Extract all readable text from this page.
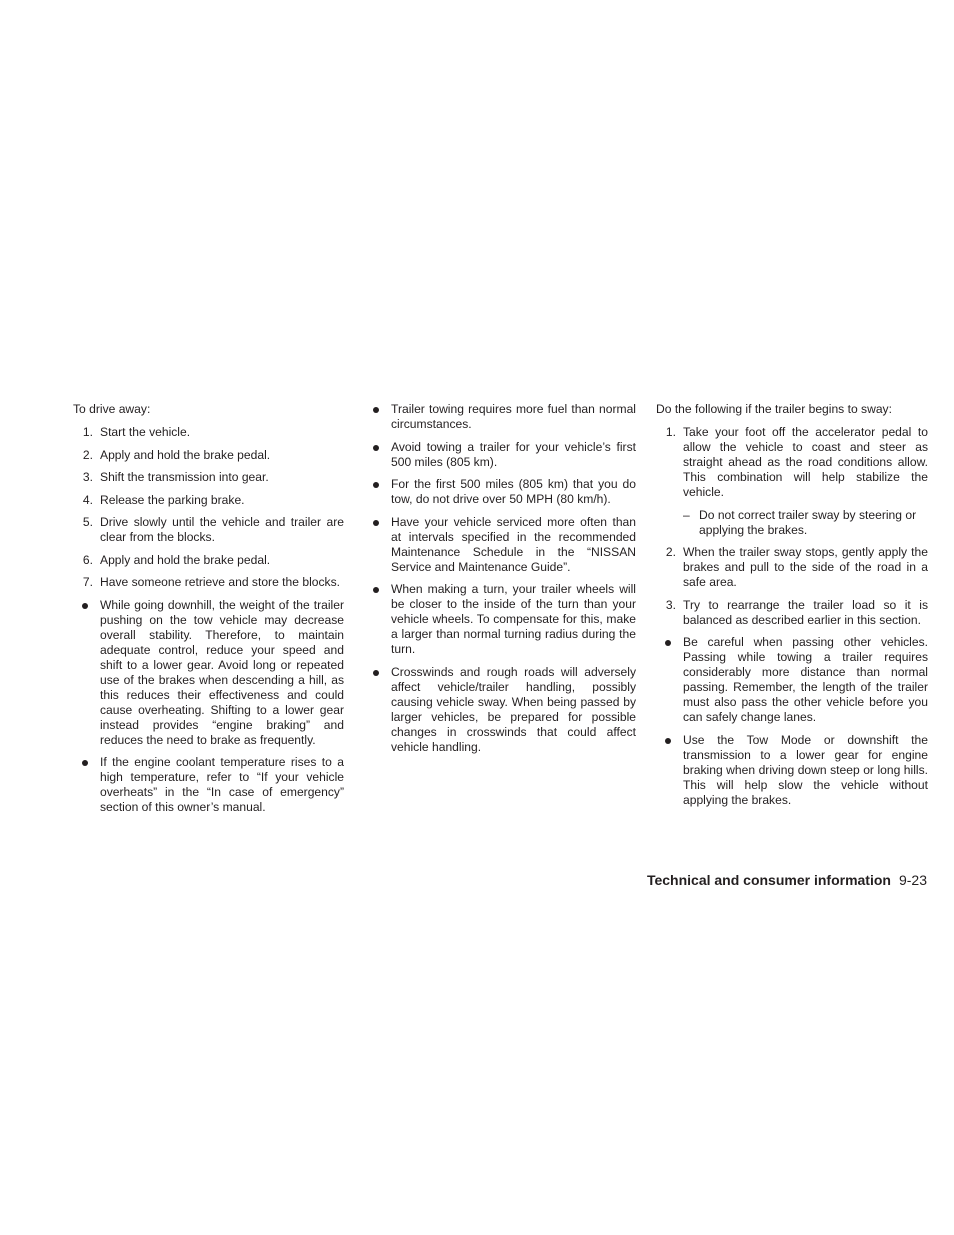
To drive away:

1. Start the vehicle.
2. Apply and hold the brake pedal.
3. Shift the transmission into gear.
4. Release the parking brake.
5. Drive slowly until the vehicle and trailer are clear from the blocks.
6. Apply and hold the brake pedal.
7. Have someone retrieve and store the blocks.
While going downhill, the weight of the trailer pushing on the tow vehicle may decrease overall stability. Therefore, to maintain adequate control, reduce your speed and shift to a lower gear. Avoid long or repeated use of the brakes when descending a hill, as this reduces their effectiveness and could cause overheating. Shifting to a lower gear instead provides “engine braking” and reduces the need to brake as frequently.
If the engine coolant temperature rises to a high temperature, refer to “If your vehicle overheats” in the “In case of emergency” section of this owner’s manual.
Trailer towing requires more fuel than normal circumstances.
Avoid towing a trailer for your vehicle’s first 500 miles (805 km).
For the first 500 miles (805 km) that you do tow, do not drive over 50 MPH (80 km/h).
Have your vehicle serviced more often than at intervals specified in the recommended Maintenance Schedule in the “NISSAN Service and Maintenance Guide”.
When making a turn, your trailer wheels will be closer to the inside of the turn than your vehicle wheels. To compensate for this, make a larger than normal turning radius during the turn.
Crosswinds and rough roads will adversely affect vehicle/trailer handling, possibly causing vehicle sway. When being passed by larger vehicles, be prepared for possible changes in crosswinds that could affect vehicle handling.

Do the following if the trailer begins to sway:

1. Take your foot off the accelerator pedal to allow the vehicle to coast and steer as straight ahead as the road conditions allow. This combination will help stabilize the vehicle.
– Do not correct trailer sway by steering or applying the brakes.
2. When the trailer sway stops, gently apply the brakes and pull to the side of the road in a safe area.
3. Try to rearrange the trailer load so it is balanced as described earlier in this section.
Be careful when passing other vehicles. Passing while towing a trailer requires considerably more distance than normal passing. Remember, the length of the trailer must also pass the other vehicle before you can safely change lanes.
Use the Tow Mode or downshift the transmission to a lower gear for engine braking when driving down steep or long hills. This will help slow the vehicle without applying the brakes.
Technical and consumer information 9-23
